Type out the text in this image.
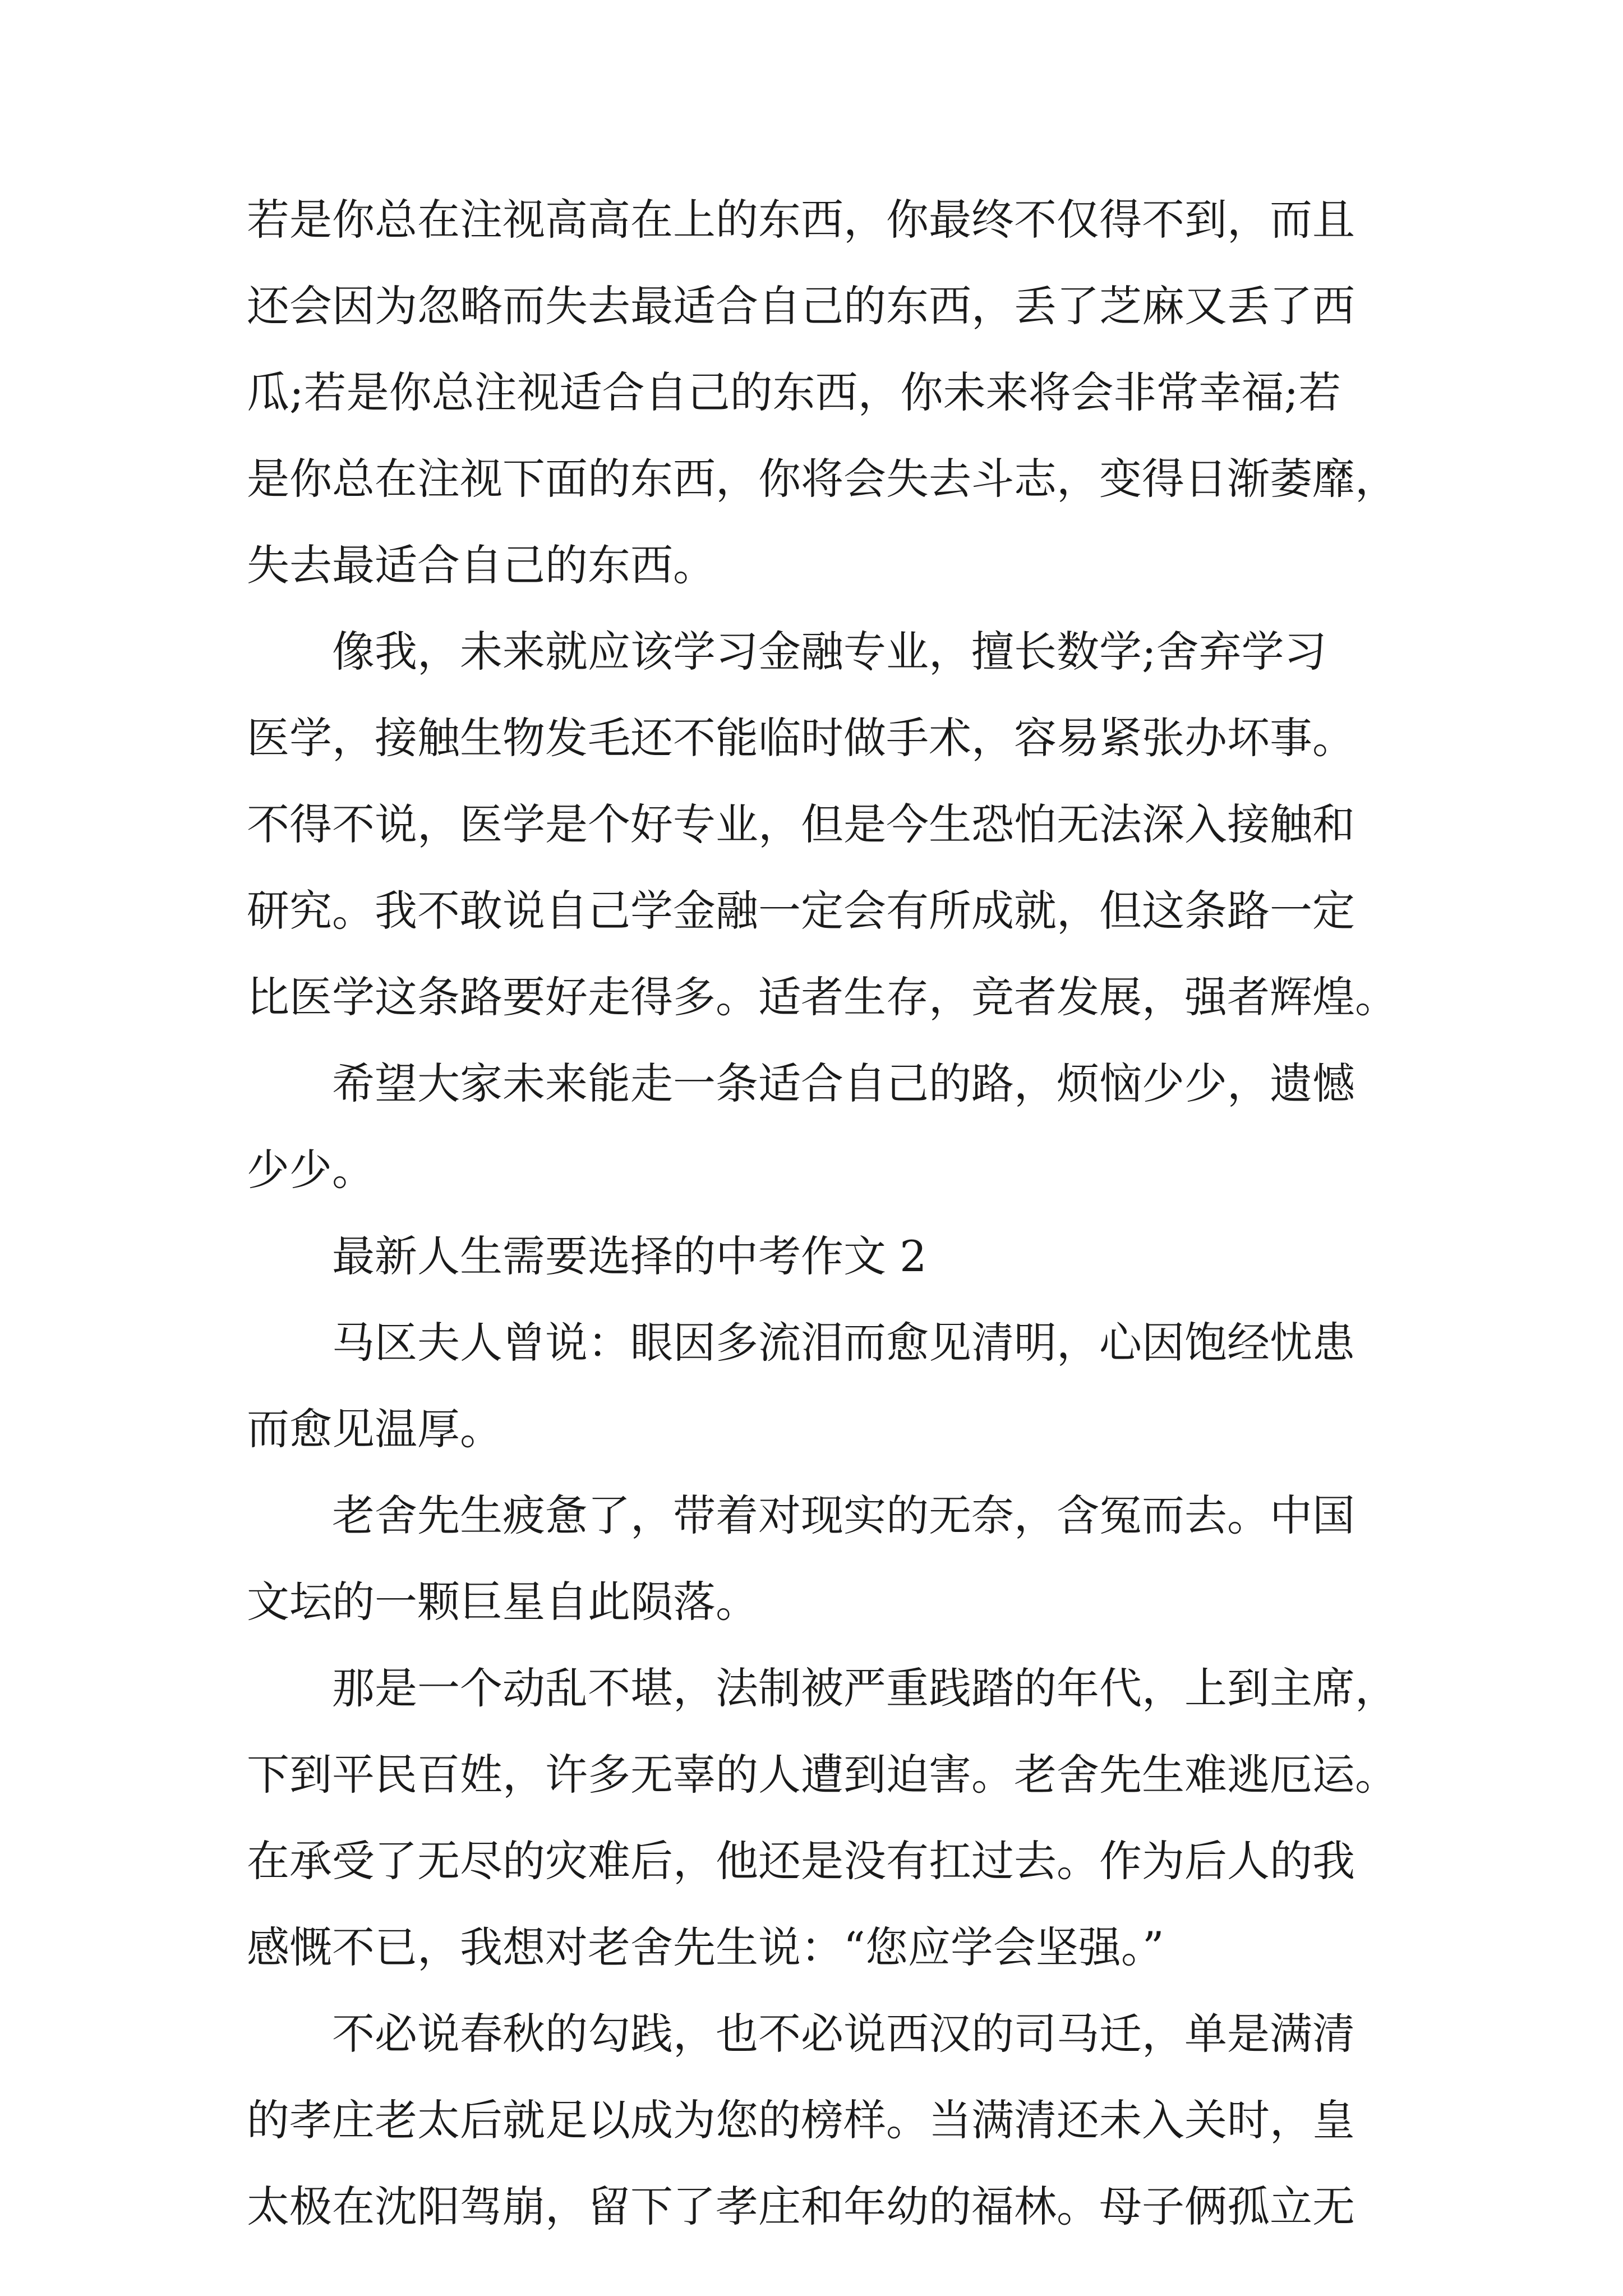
若是你总在注视高高在上的东西，你最终不仅得不到，而且
还会因为忽略而失去最适合自己的东西，丢了芝麻又丢了西
瓜;若是你总注视适合自己的东西，你未来将会非常幸福;若
是你总在注视下面的东西，你将会失去斗志，变得日渐萎靡，
失去最适合自己的东西。
像我，未来就应该学习金融专业，擅长数学;舍弃学习
医学，接触生物发毛还不能临时做手术，容易紧张办坏事。
不得不说，医学是个好专业，但是今生恐怕无法深入接触和
研究。我不敢说自己学金融一定会有所成就，但这条路一定
比医学这条路要好走得多。适者生存，竞者发展，强者辉煌。
希望大家未来能走一条适合自己的路，烦恼少少，遗憾
少少。
最新人生需要选择的中考作文 2
马区夫人曾说：眼因多流泪而愈见清明，心因饱经忧患
而愈见温厚。
老舍先生疲惫了，带着对现实的无奈，含冤而去。中国
文坛的一颗巨星自此陨落。
那是一个动乱不堪，法制被严重践踏的年代，上到主席，
下到平民百姓，许多无辜的人遭到迫害。老舍先生难逃厄运。
在承受了无尽的灾难后，他还是没有扛过去。作为后人的我
感慨不已，我想对老舍先生说：“您应学会坚强。”
不必说春秋的勾践，也不必说西汉的司马迁，单是满清
的孝庄老太后就足以成为您的榜样。当满清还未入关时，皇
太极在沈阳驾崩，留下了孝庄和年幼的福林。母子俩孤立无
